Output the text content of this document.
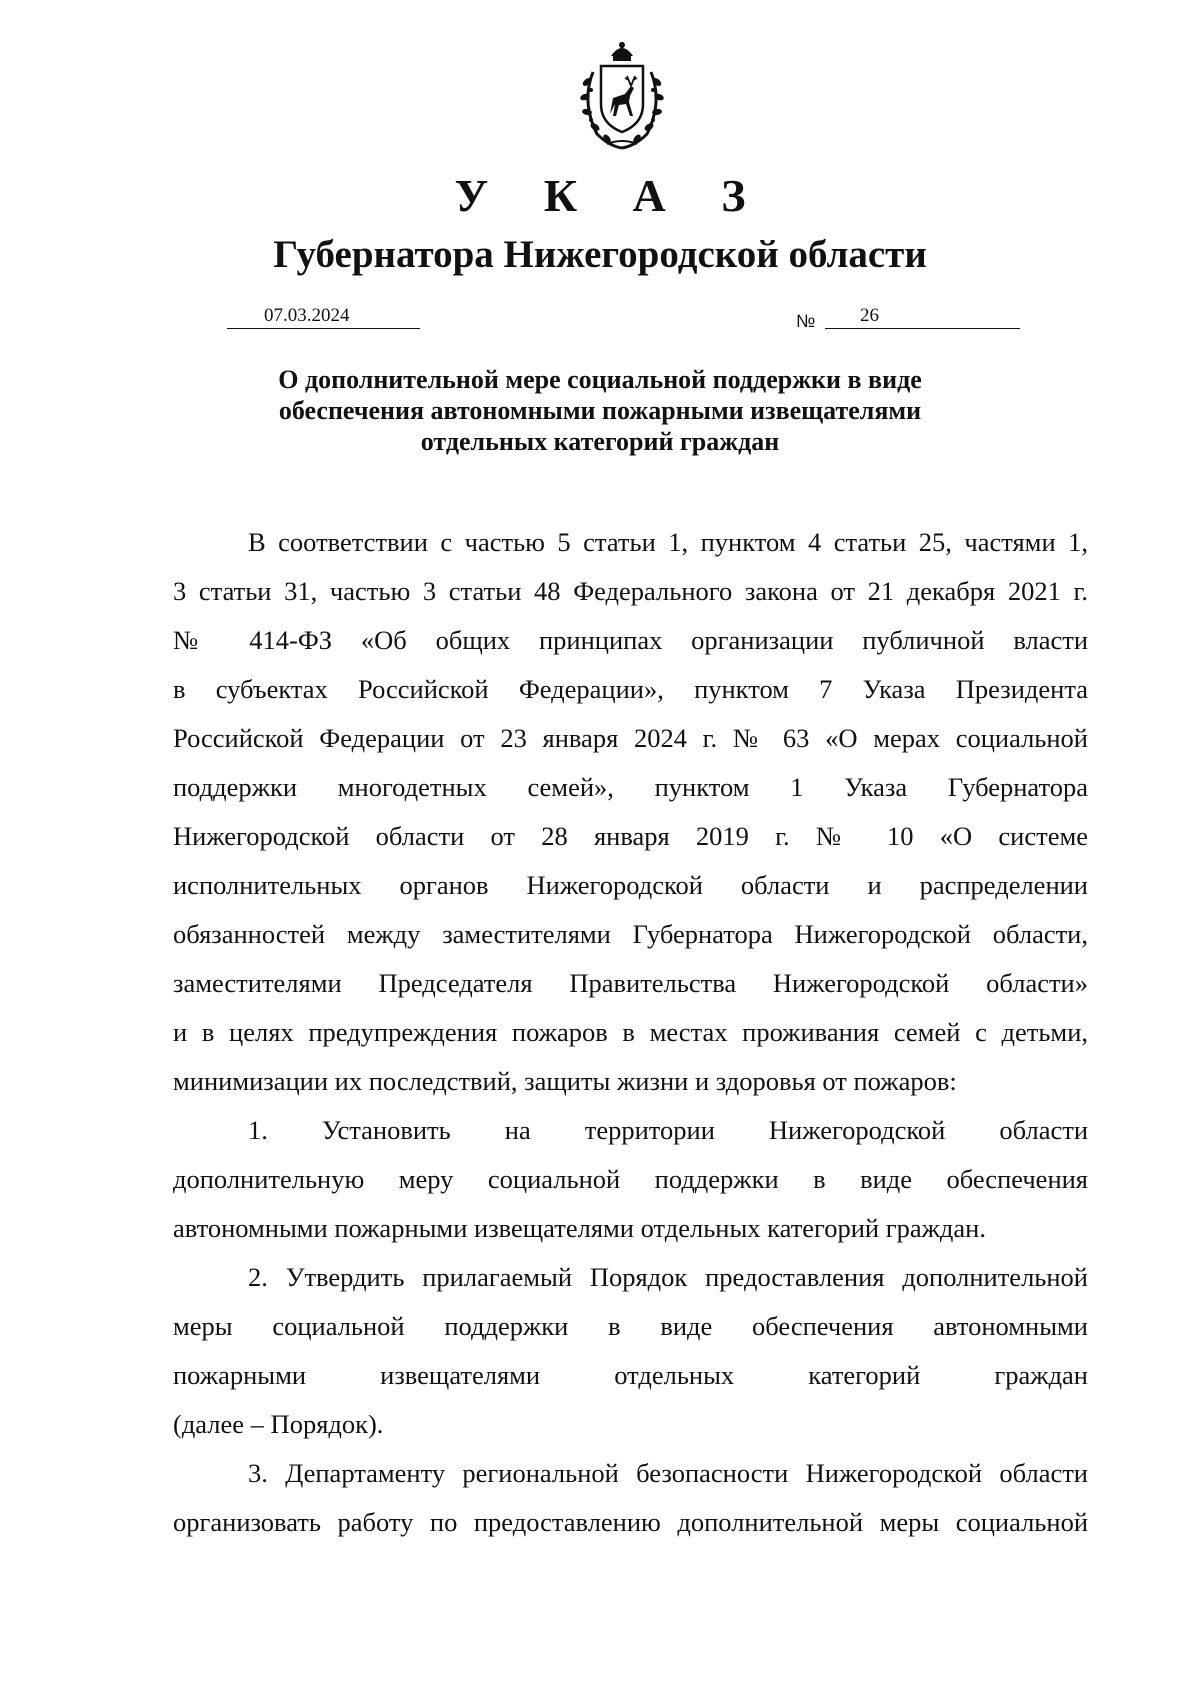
У К А З
Губернатора Нижегородской области
07.03.2024	№	26
О дополнительной мере социальной поддержки в виде
обеспечения автономными пожарными извещателями
отдельных категорий граждан
В соответствии с частью 5 статьи 1, пунктом 4 статьи 25, частями 1,
3 статьи 31, частью 3 статьи 48 Федерального закона от 21 декабря 2021 г.
№ 414-ФЗ «Об общих принципах организации публичной власти
в субъектах Российской Федерации», пунктом 7 Указа Президента
Российской Федерации от 23 января 2024 г. № 63 «О мерах социальной
поддержки многодетных семей», пунктом 1 Указа Губернатора
Нижегородской области от 28 января 2019 г. № 10 «О системе
исполнительных органов Нижегородской области и распределении
обязанностей между заместителями Губернатора Нижегородской области,
заместителями Председателя Правительства Нижегородской области»
и в целях предупреждения пожаров в местах проживания семей с детьми,
минимизации их последствий, защиты жизни и здоровья от пожаров:
1. Установить на территории Нижегородской области
дополнительную меру социальной поддержки в виде обеспечения
автономными пожарными извещателями отдельных категорий граждан.
2. Утвердить прилагаемый Порядок предоставления дополнительной
меры социальной поддержки в виде обеспечения автономными
пожарными извещателями отдельных категорий граждан
(далее – Порядок).
3. Департаменту региональной безопасности Нижегородской области
организовать работу по предоставлению дополнительной меры социальной
